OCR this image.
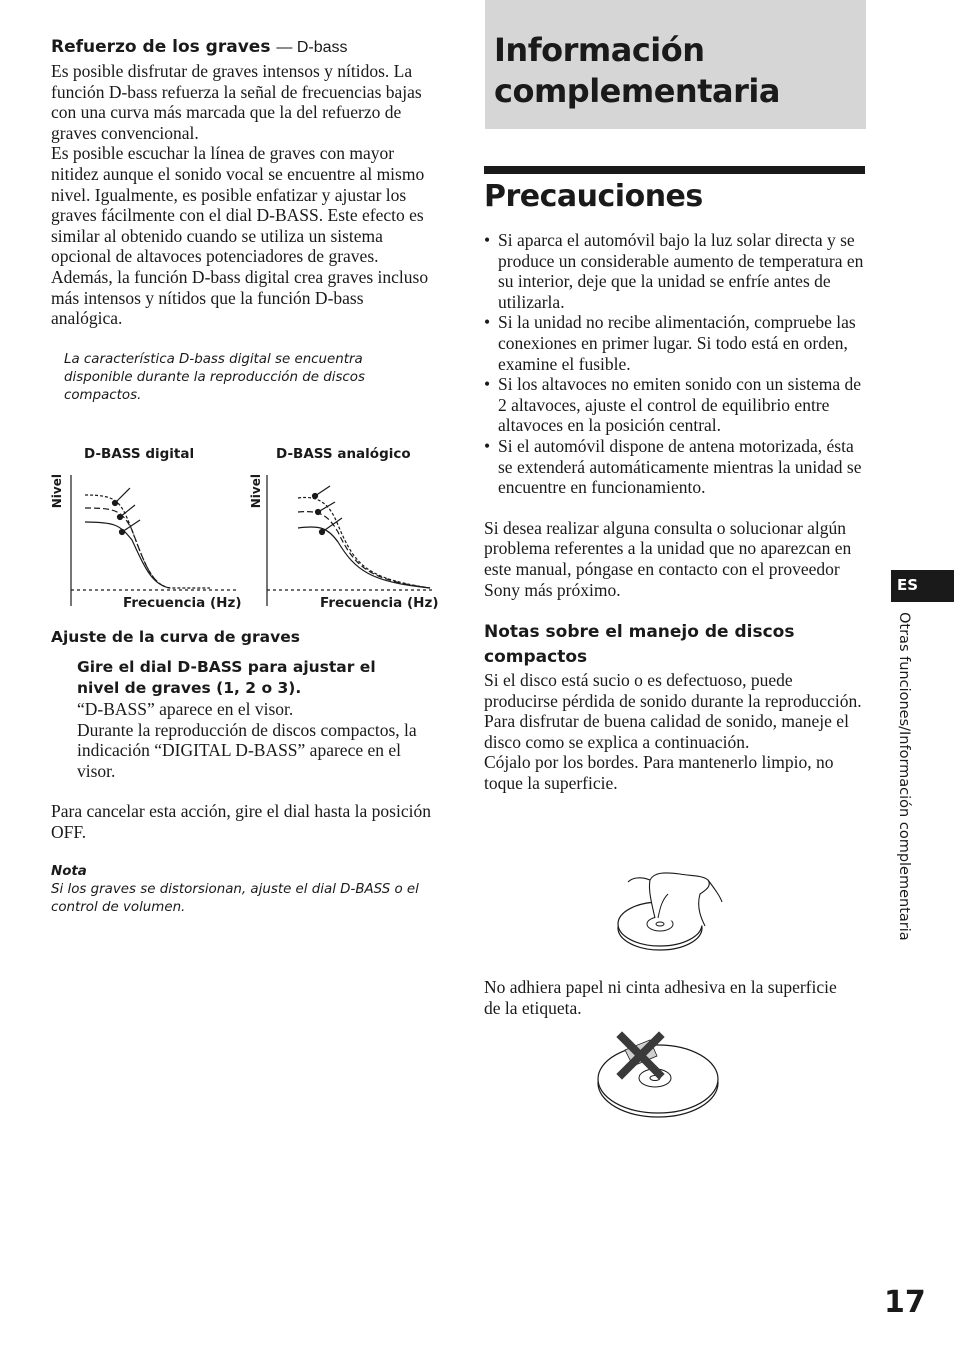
Refuerzo de los graves — D-bass

Es posible disfrutar de graves intensos y nítidos. La función D-bass refuerza la señal de frecuencias bajas con una curva más marcada que la del refuerzo de graves convencional.

Es posible escuchar la línea de graves con mayor nitidez aunque el sonido vocal se encuentre al mismo nivel. Igualmente, es posible enfatizar y ajustar los graves fácilmente con el dial D-BASS. Este efecto es similar al obtenido cuando se utiliza un sistema opcional de altavoces potenciadores de graves.

Además, la función D-bass digital crea graves incluso más intensos y nítidos que la función D-bass analógica.

La característica D-bass digital se encuentra disponible durante la reproducción de discos compactos.

D-BASS digital	D-BASS analógico
Nivel	Nivel
Frecuencia (Hz)	Frecuencia (Hz)
Ajuste de la curva de graves
Gire el dial D-BASS para ajustar el nivel de graves (1, 2 o 3).

“D-BASS” aparece en el visor.

Durante la reproducción de discos compactos, la indicación “DIGITAL D-BASS” aparece en el visor.

Para cancelar esta acción, gire el dial hasta la posición OFF.

Nota

Si los graves se distorsionan, ajuste el dial D-BASS o el control de volumen.

Información complementaria
Precauciones
• Si aparca el automóvil bajo la luz solar directa y se produce un considerable aumento de temperatura en su interior, deje que la unidad se enfríe antes de utilizarla.
• Si la unidad no recibe alimentación, compruebe las conexiones en primer lugar. Si todo está en orden, examine el fusible.
• Si los altavoces no emiten sonido con un sistema de 2 altavoces, ajuste el control de equilibrio entre altavoces en la posición central.
• Si el automóvil dispone de antena motorizada, ésta se extenderá automáticamente mientras la unidad se encuentre en funcionamiento.

Si desea realizar alguna consulta o solucionar algún problema referentes a la unidad que no aparezcan en este manual, póngase en contacto con el proveedor Sony más próximo.

Notas sobre el manejo de discos compactos

Si el disco está sucio o es defectuoso, puede producirse pérdida de sonido durante la reproducción. Para disfrutar de buena calidad de sonido, maneje el disco como se explica a continuación.

Cójalo por los bordes. Para mantenerlo limpio, no toque la superficie.

No adhiera papel ni cinta adhesiva en la superficie de la etiqueta.

ES
Otras funciones/Información complementaria
17
